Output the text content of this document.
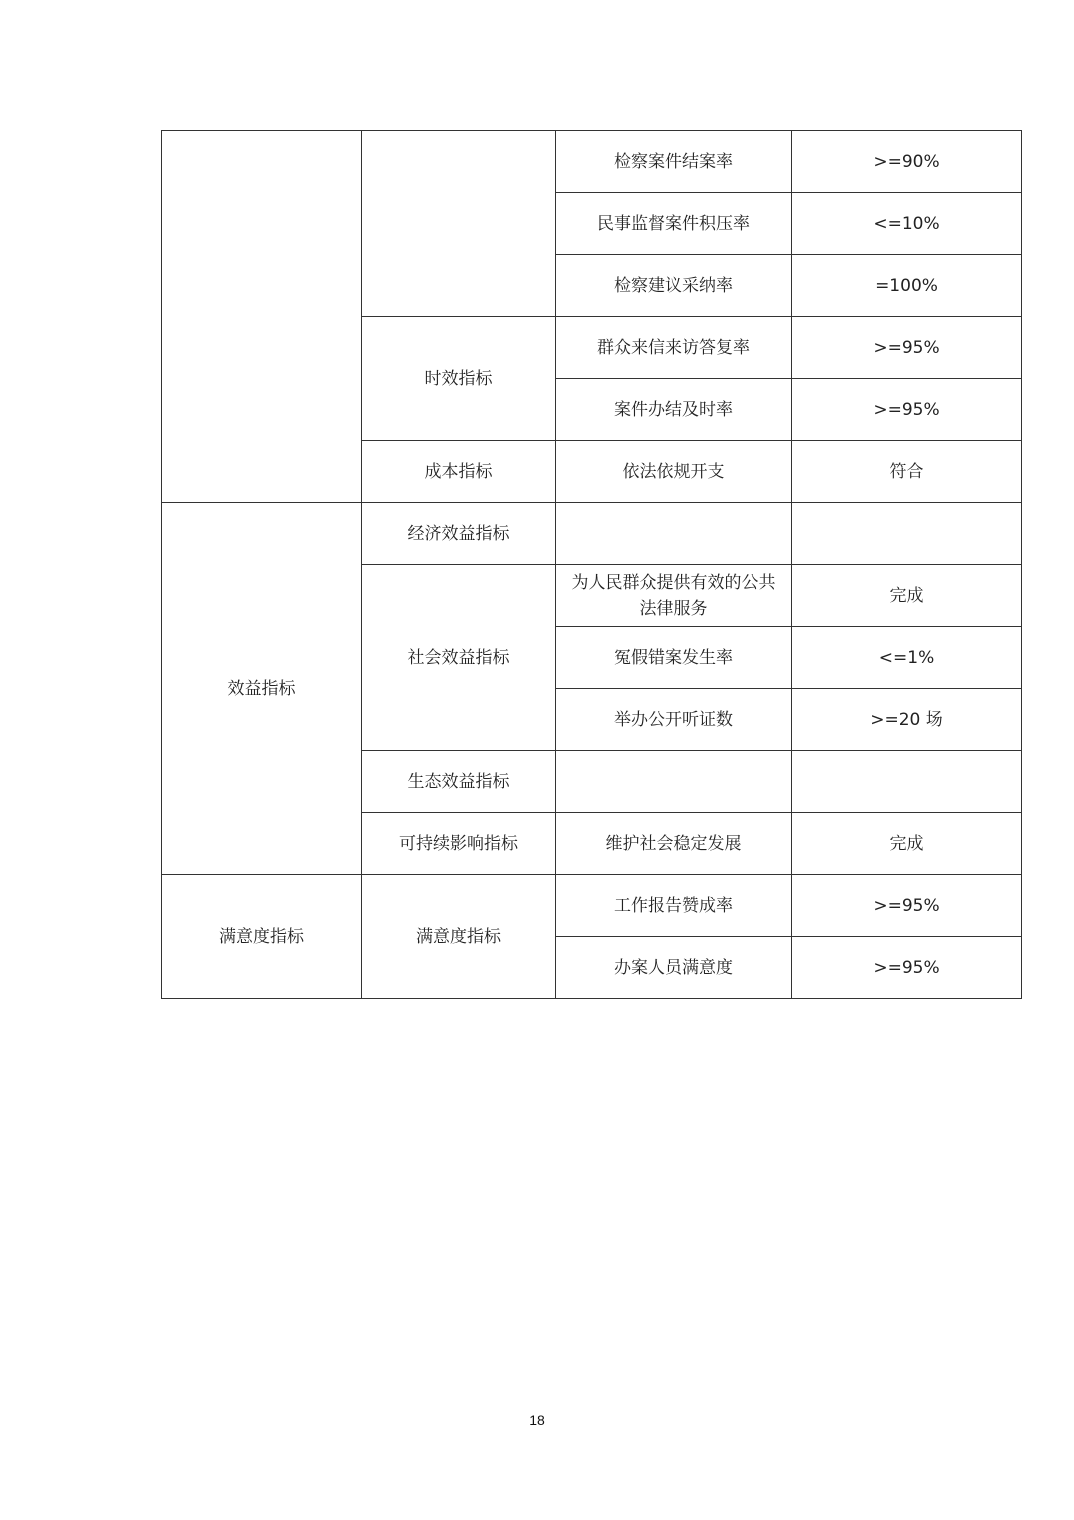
		检察案件结案率	>=90%
		民事监督案件积压率	<=10%
		检察建议采纳率	=100%
	时效指标	群众来信来访答复率	>=95%
		案件办结及时率	>=95%
	成本指标	依法依规开支	符合
效益指标	经济效益指标		
	社会效益指标	为人民群众提供有效的公共法律服务	完成
		冤假错案发生率	<=1%
		举办公开听证数	>=20 场
	生态效益指标		
	可持续影响指标	维护社会稳定发展	完成
满意度指标	满意度指标	工作报告赞成率	>=95%
		办案人员满意度	>=95%
18
